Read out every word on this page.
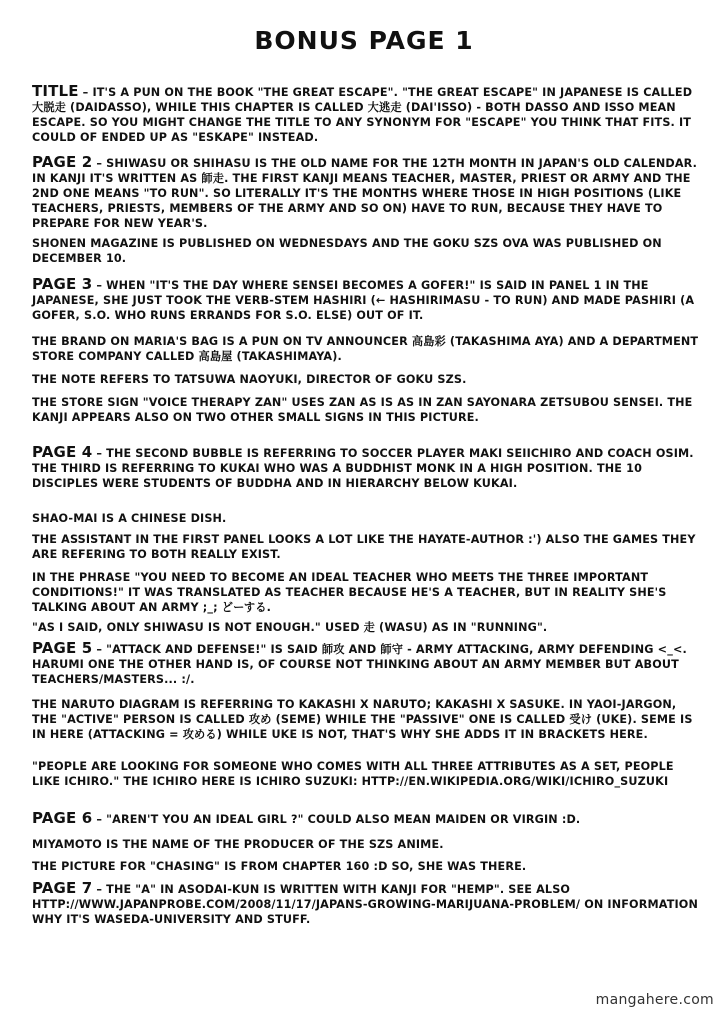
BONUS PAGE 1
TITLE – IT'S A PUN ON THE BOOK "THE GREAT ESCAPE". "THE GREAT ESCAPE" IN JAPANESE IS CALLED 大脱走 (DAIDASSO), WHILE THIS CHAPTER IS CALLED 大逃走 (DAI'ISSO) - BOTH DASSO AND ISSO MEAN ESCAPE. SO YOU MIGHT CHANGE THE TITLE TO ANY SYNONYM FOR "ESCAPE" YOU THINK THAT FITS. IT COULD OF ENDED UP AS "ESKAPE" INSTEAD.
PAGE 2 – SHIWASU OR SHIHASU IS THE OLD NAME FOR THE 12TH MONTH IN JAPAN'S OLD CALENDAR. IN KANJI IT'S WRITTEN AS 師走. THE FIRST KANJI MEANS TEACHER, MASTER, PRIEST OR ARMY AND THE 2ND ONE MEANS "TO RUN". SO LITERALLY IT'S THE MONTHS WHERE THOSE IN HIGH POSITIONS (LIKE TEACHERS, PRIESTS, MEMBERS OF THE ARMY AND SO ON) HAVE TO RUN, BECAUSE THEY HAVE TO PREPARE FOR NEW YEAR'S.
SHONEN MAGAZINE IS PUBLISHED ON WEDNESDAYS AND THE GOKU SZS OVA WAS PUBLISHED ON DECEMBER 10.
PAGE 3 – WHEN "IT'S THE DAY WHERE SENSEI BECOMES A GOFER!" IS SAID IN PANEL 1 IN THE JAPANESE, SHE JUST TOOK THE VERB-STEM HASHIRI (← HASHIRIMASU - TO RUN) AND MADE PASHIRI (A GOFER, S.O. WHO RUNS ERRANDS FOR S.O. ELSE) OUT OF IT.
THE BRAND ON MARIA'S BAG IS A PUN ON TV ANNOUNCER 高島彩 (TAKASHIMA AYA) AND A DEPARTMENT STORE COMPANY CALLED 高島屋 (TAKASHIMAYA).
THE NOTE REFERS TO TATSUWA NAOYUKI, DIRECTOR OF GOKU SZS.
THE STORE SIGN "VOICE THERAPY ZAN" USES ZAN AS IS AS IN ZAN SAYONARA ZETSUBOU SENSEI. THE KANJI APPEARS ALSO ON TWO OTHER SMALL SIGNS IN THIS PICTURE.
PAGE 4 – THE SECOND BUBBLE IS REFERRING TO SOCCER PLAYER MAKI SEIICHIRO AND COACH OSIM. THE THIRD IS REFERRING TO KUKAI WHO WAS A BUDDHIST MONK IN A HIGH POSITION. THE 10 DISCIPLES WERE STUDENTS OF BUDDHA AND IN HIERARCHY BELOW KUKAI.
SHAO-MAI IS A CHINESE DISH.
THE ASSISTANT IN THE FIRST PANEL LOOKS A LOT LIKE THE HAYATE-AUTHOR :') ALSO THE GAMES THEY ARE REFERING TO BOTH REALLY EXIST.
IN THE PHRASE "YOU NEED TO BECOME AN IDEAL TEACHER WHO MEETS THE THREE IMPORTANT CONDITIONS!" IT WAS TRANSLATED AS TEACHER BECAUSE HE'S A TEACHER, BUT IN REALITY SHE'S TALKING ABOUT AN ARMY ;_; どーする.
"AS I SAID, ONLY SHIWASU IS NOT ENOUGH." USED 走 (WASU) AS IN "RUNNING".
PAGE 5 – "ATTACK AND DEFENSE!" IS SAID 師攻 AND 師守 - ARMY ATTACKING, ARMY DEFENDING <_<. HARUMI ONE THE OTHER HAND IS, OF COURSE NOT THINKING ABOUT AN ARMY MEMBER BUT ABOUT TEACHERS/MASTERS... :/.
THE NARUTO DIAGRAM IS REFERRING TO KAKASHI X NARUTO; KAKASHI X SASUKE. IN YAOI-JARGON, THE "ACTIVE" PERSON IS CALLED 攻め (SEME) WHILE THE "PASSIVE" ONE IS CALLED 受け (UKE). SEME IS IN HERE (ATTACKING = 攻める) WHILE UKE IS NOT, THAT'S WHY SHE ADDS IT IN BRACKETS HERE.
"PEOPLE ARE LOOKING FOR SOMEONE WHO COMES WITH ALL THREE ATTRIBUTES AS A SET, PEOPLE LIKE ICHIRO." THE ICHIRO HERE IS ICHIRO SUZUKI: HTTP://EN.WIKIPEDIA.ORG/WIKI/ICHIRO_SUZUKI
PAGE 6 – "AREN'T YOU AN IDEAL GIRL ?" COULD ALSO MEAN MAIDEN OR VIRGIN :D.
MIYAMOTO IS THE NAME OF THE PRODUCER OF THE SZS ANIME.
THE PICTURE FOR "CHASING" IS FROM CHAPTER 160 :D SO, SHE WAS THERE.
PAGE 7 – THE "A" IN ASODAI-KUN IS WRITTEN WITH KANJI FOR "HEMP". SEE ALSO HTTP://WWW.JAPANPROBE.COM/2008/11/17/JAPANS-GROWING-MARIJUANA-PROBLEM/ ON INFORMATION WHY IT'S WASEDA-UNIVERSITY AND STUFF.
mangahere.com
